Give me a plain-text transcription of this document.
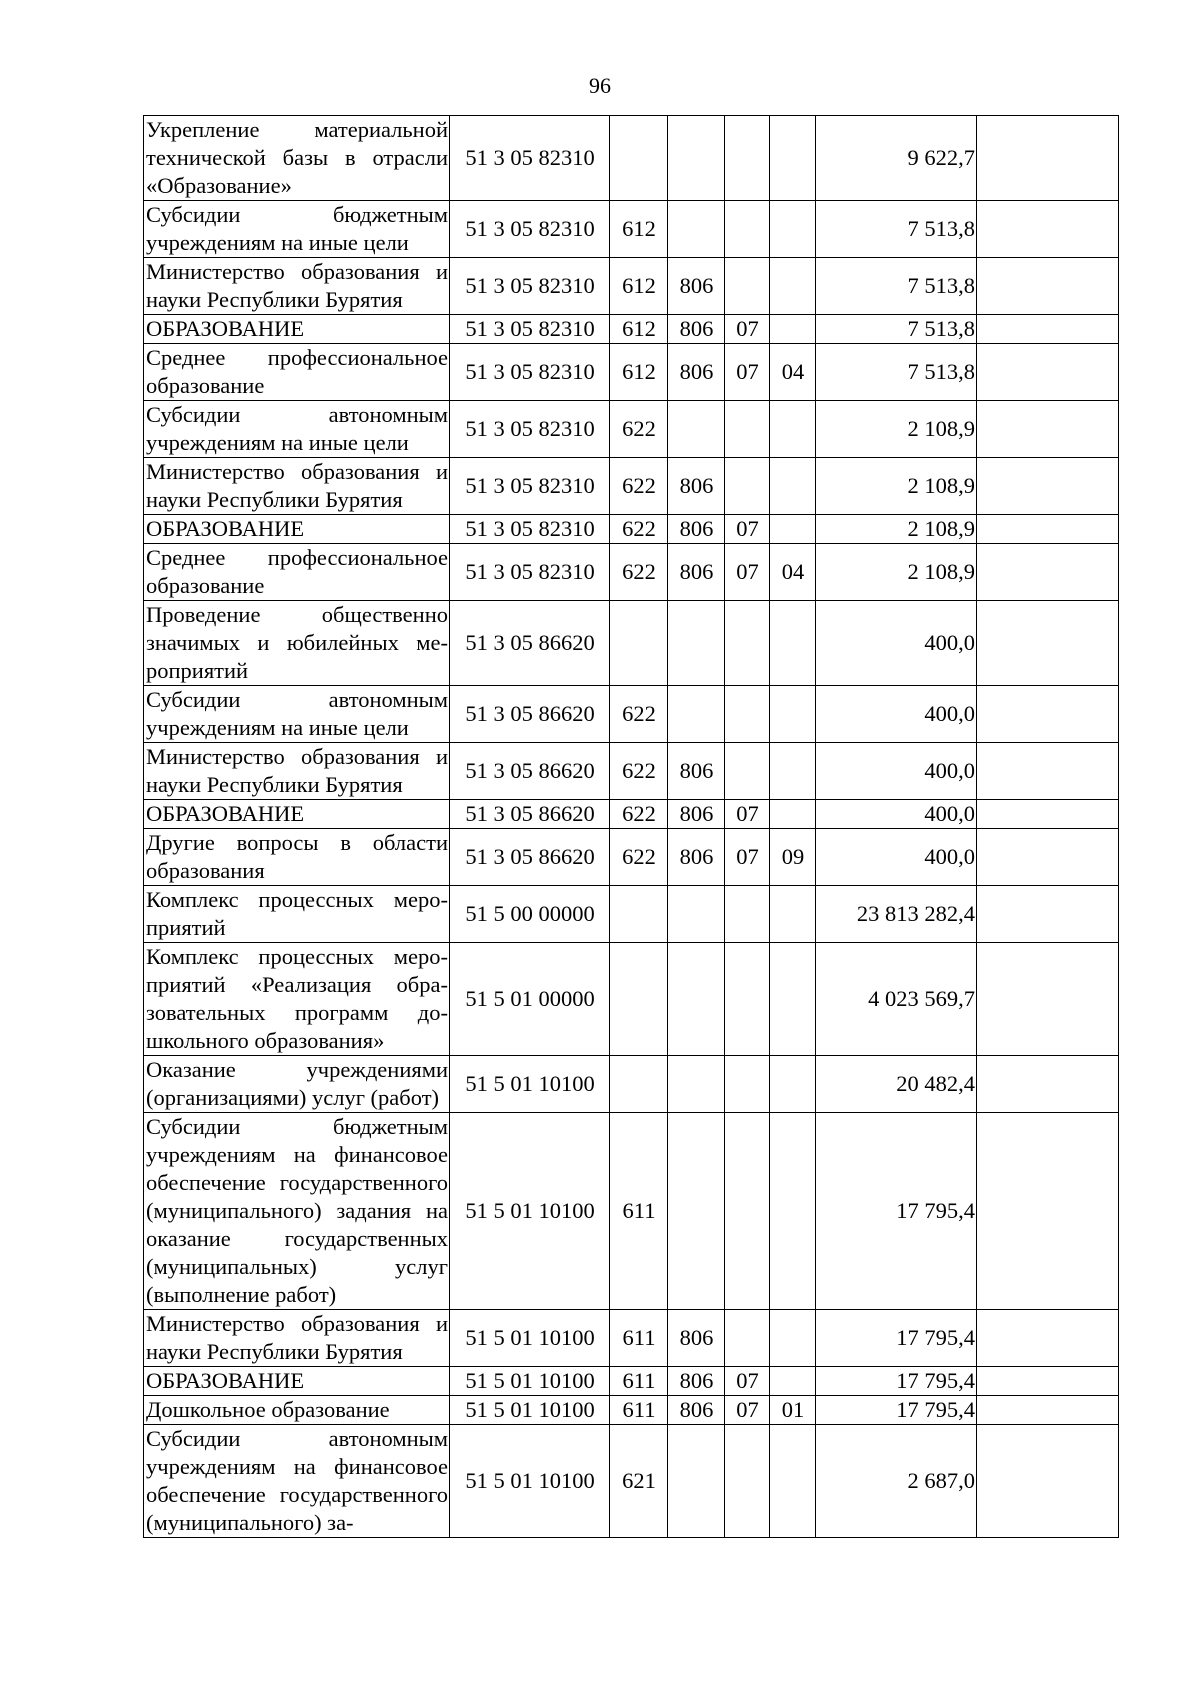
96
Укрепление материальной технической базы в отрасли «Образование»	51 3 05 82310					9 622,7	
Субсидии бюджетным учреждениям на иные цели	51 3 05 82310	612				7 513,8	
Министерство образования и науки Республики Бурятия	51 3 05 82310	612	806			7 513,8	
ОБРАЗОВАНИЕ	51 3 05 82310	612	806	07		7 513,8	
Среднее профессиональное образование	51 3 05 82310	612	806	07	04	7 513,8	
Субсидии автономным учреждениям на иные цели	51 3 05 82310	622				2 108,9	
Министерство образования и науки Республики Бурятия	51 3 05 82310	622	806			2 108,9	
ОБРАЗОВАНИЕ	51 3 05 82310	622	806	07		2 108,9	
Среднее профессиональное образование	51 3 05 82310	622	806	07	04	2 108,9	
Проведение общественно значимых и юбилейных мероприятий	51 3 05 86620					400,0	
Субсидии автономным учреждениям на иные цели	51 3 05 86620	622				400,0	
Министерство образования и науки Республики Бурятия	51 3 05 86620	622	806			400,0	
ОБРАЗОВАНИЕ	51 3 05 86620	622	806	07		400,0	
Другие вопросы в области образования	51 3 05 86620	622	806	07	09	400,0	
Комплекс процессных мероприятий	51 5 00 00000					23 813 282,4	
Комплекс процессных мероприятий «Реализация образовательных программ дошкольного образования»	51 5 01 00000					4 023 569,7	
Оказание учреждениями (организациями) услуг (работ)	51 5 01 10100					20 482,4	
Субсидии бюджетным учреждениям на финансовое обеспечение государственного (муниципального) задания на оказание государственных (муниципальных) услуг (выполнение работ)	51 5 01 10100	611				17 795,4	
Министерство образования и науки Республики Бурятия	51 5 01 10100	611	806			17 795,4	
ОБРАЗОВАНИЕ	51 5 01 10100	611	806	07		17 795,4	
Дошкольное образование	51 5 01 10100	611	806	07	01	17 795,4	
Субсидии автономным учреждениям на финансовое обеспечение государственного (муниципального) за-	51 5 01 10100	621				2 687,0	
